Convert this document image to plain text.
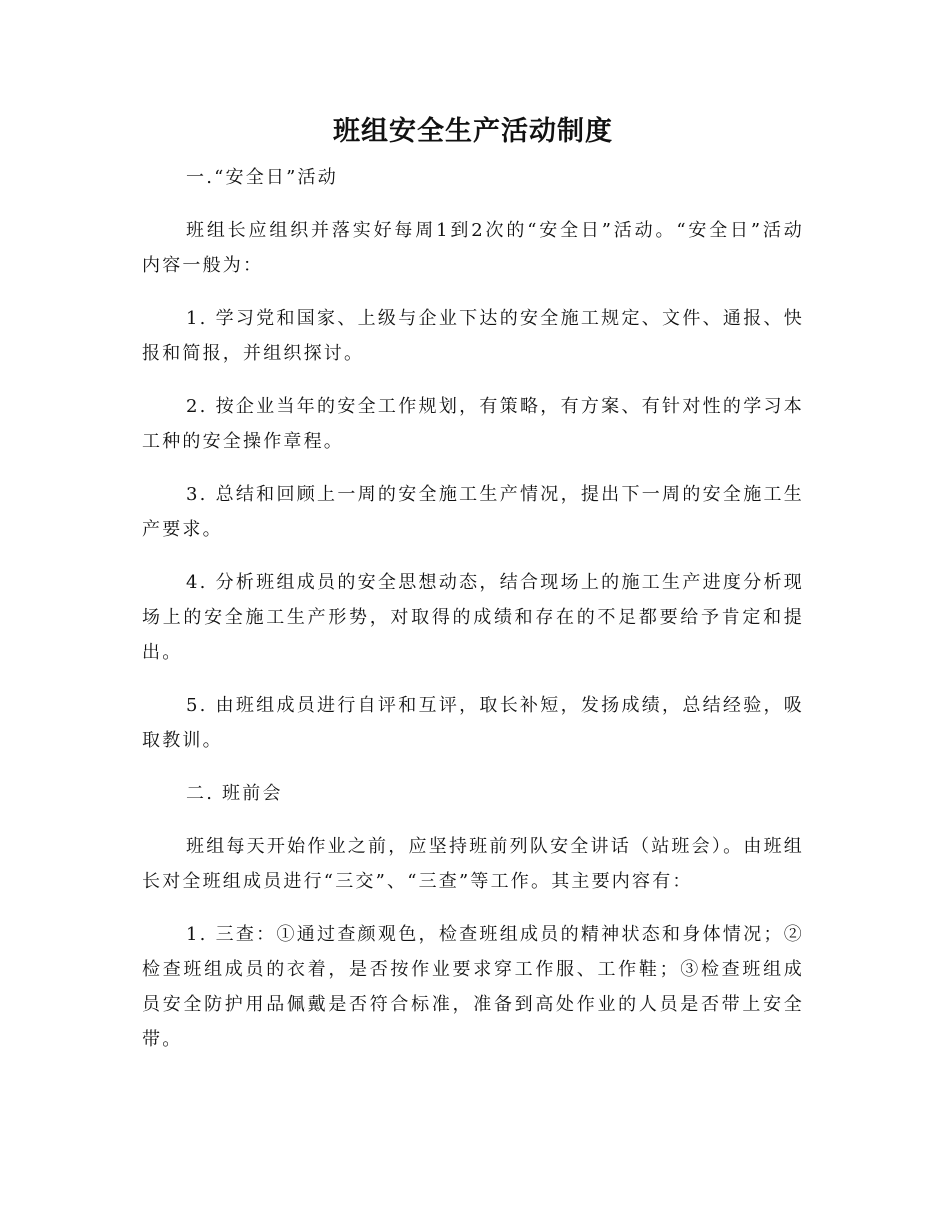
班组安全生产活动制度

一.“安全日”活动

班组长应组织并落实好每周1到2次的“安全日”活动。“安全日”活动内容一般为：

1. 学习党和国家、上级与企业下达的安全施工规定、文件、通报、快报和简报，并组织探讨。

2. 按企业当年的安全工作规划，有策略，有方案、有针对性的学习本工种的安全操作章程。

3. 总结和回顾上一周的安全施工生产情况，提出下一周的安全施工生产要求。

4. 分析班组成员的安全思想动态，结合现场上的施工生产进度分析现场上的安全施工生产形势，对取得的成绩和存在的不足都要给予肯定和提出。

5. 由班组成员进行自评和互评，取长补短，发扬成绩，总结经验，吸取教训。

二. 班前会

班组每天开始作业之前，应坚持班前列队安全讲话（站班会）。由班组长对全班组成员进行“三交”、“三查”等工作。其主要内容有：

1. 三查：①通过查颜观色，检查班组成员的精神状态和身体情况；②检查班组成员的衣着，是否按作业要求穿工作服、工作鞋；③检查班组成员安全防护用品佩戴是否符合标准，准备到高处作业的人员是否带上安全带。
